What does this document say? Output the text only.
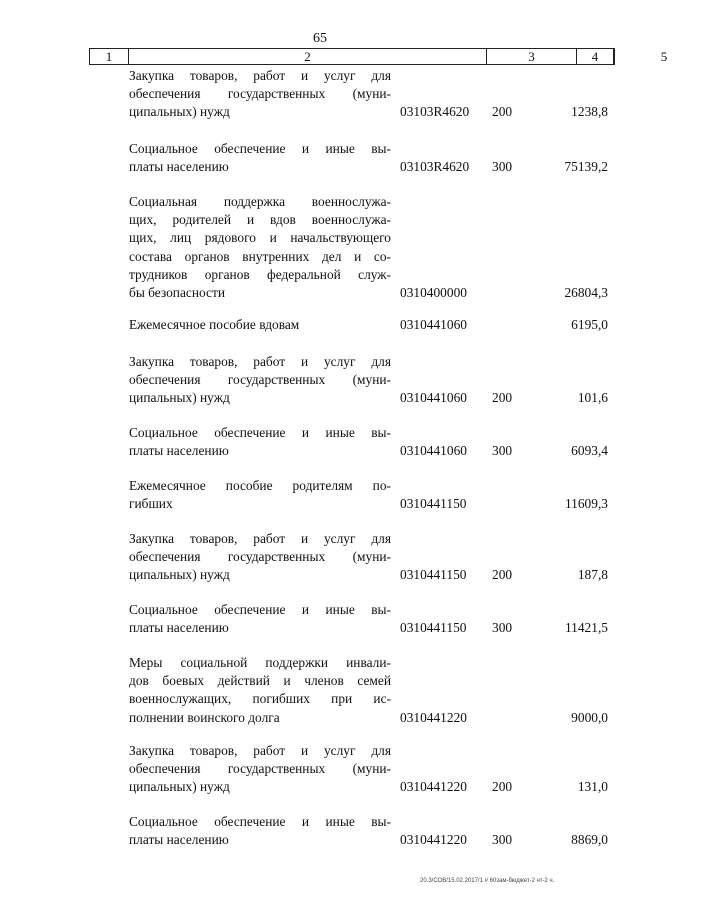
65
1	2	3	4	5
Закупка товаров, работ и услуг для
обеспечения государственных (муни-
ципальных) нужд	03103R4620 200	1238,8
Социальное обеспечение и иные вы-
платы населению	03103R4620 300	75139,2
Социальная поддержка военнослужа-
щих, родителей и вдов военнослужа-
щих, лиц рядового и начальствующего
состава органов внутренних дел и со-
трудников органов федеральной служ-
бы безопасности	0310400000	26804,3
Ежемесячное пособие вдовам	0310441060	6195,0
Закупка товаров, работ и услуг для
обеспечения государственных (муни-
ципальных) нужд	0310441060 200	101,6
Социальное обеспечение и иные вы-
платы населению	0310441060 300	6093,4
Ежемесячное пособие родителям по-
гибших	0310441150	11609,3
Закупка товаров, работ и услуг для
обеспечения государственных (муни-
ципальных) нужд	0310441150 200	187,8
Социальное обеспечение и иные вы-
платы населению	0310441150 300	11421,5
Меры социальной поддержки инвали-
дов боевых действий и членов семей
военнослужащих, погибших при ис-
полнении воинского долга	0310441220	9000,0
Закупка товаров, работ и услуг для
обеспечения государственных (муни-
ципальных) нужд	0310441220 200	131,0
Социальное обеспечение и иные вы-
платы населению	0310441220 300	8869,0
20.3/СОВ/15.02.2017/1 # 60зам-бюджет-2 чт-2 ч.
